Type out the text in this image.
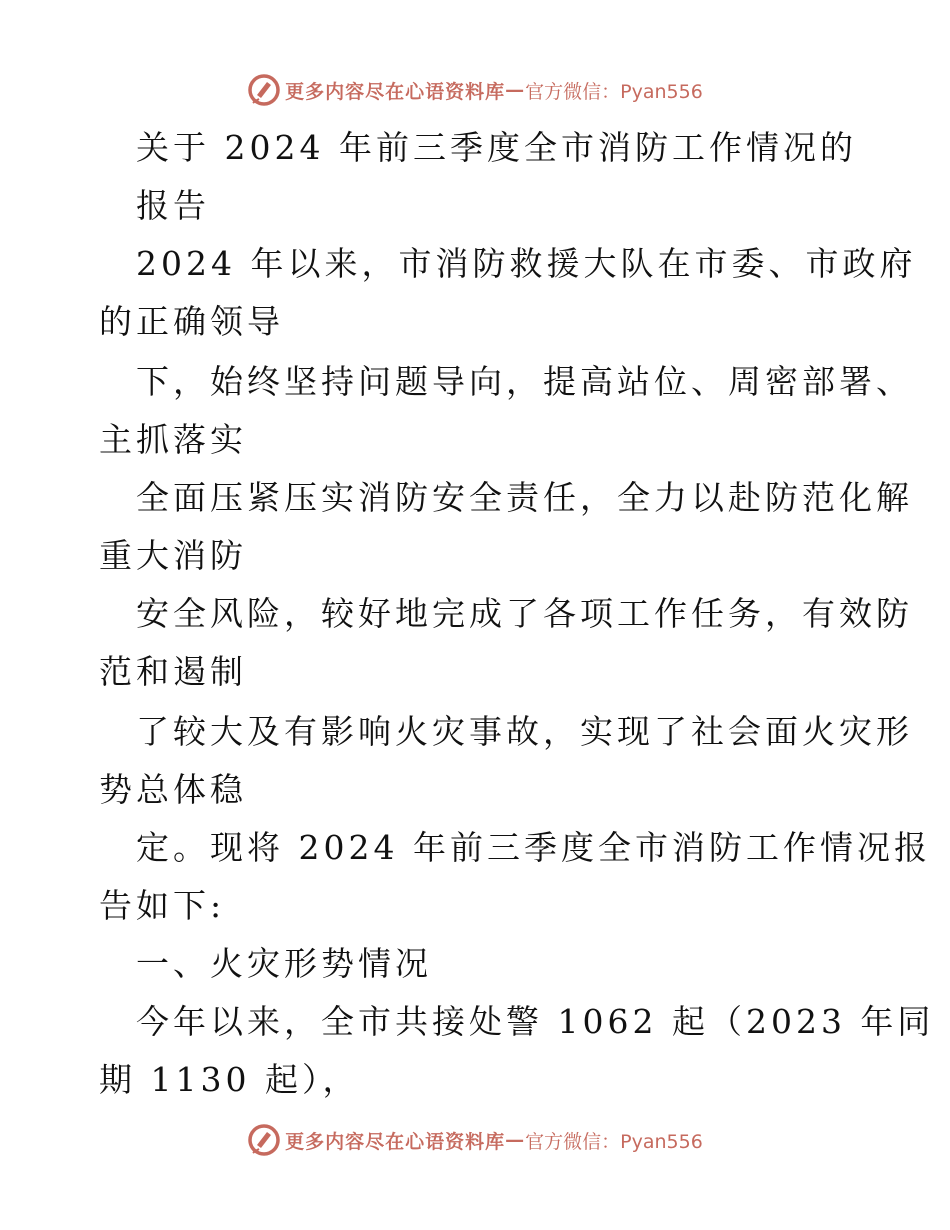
更多内容尽在心语资料库 — 官方微信：Pyan556
关于 2024 年前三季度全市消防工作情况的
报告
2024 年以来，市消防救援大队在市委、市政府
的正确领导
下，始终坚持问题导向，提高站位、周密部署、
主抓落实
全面压紧压实消防安全责任，全力以赴防范化解
重大消防
安全风险，较好地完成了各项工作任务，有效防
范和遏制
了较大及有影响火灾事故，实现了社会面火灾形
势总体稳
定。现将 2024 年前三季度全市消防工作情况报
告如下:
一、火灾形势情况
今年以来，全市共接处警 1062 起（2023 年同
期 1130 起），
更多内容尽在心语资料库 — 官方微信：Pyan556
